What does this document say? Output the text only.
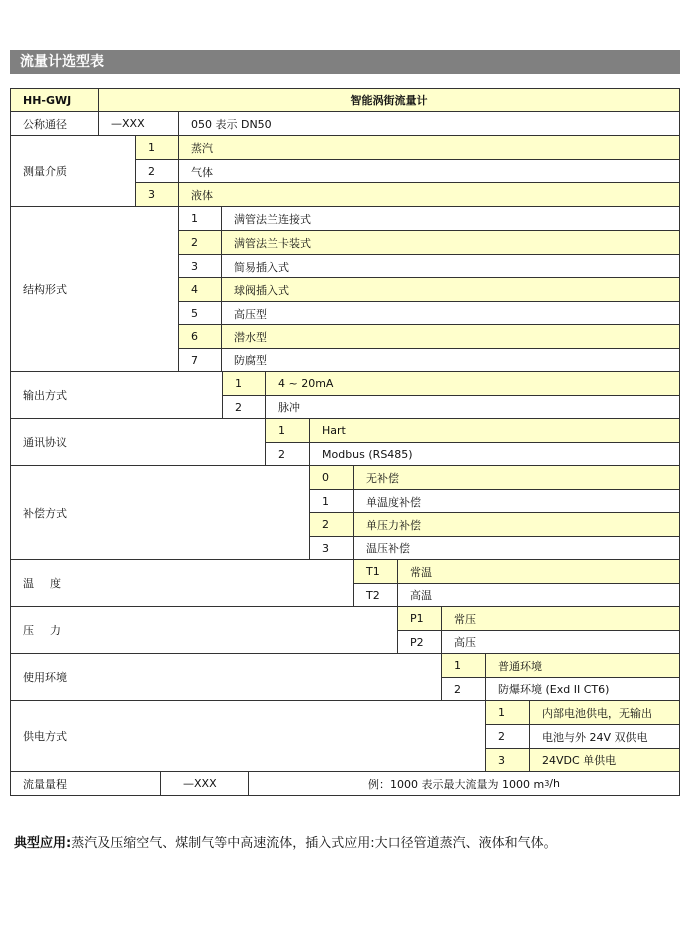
流量计选型表
HH-GWJ	智能涡街流量计
公称通径	—XXX	050 表示 DN50
测量介质
1	蒸汽
2	气体
3	液体
结构形式
1	满管法兰连接式
2	满管法兰卡装式
3	简易插入式
4	球阀插入式
5	高压型
6	潜水型
7	防腐型
输出方式
1	4 ~ 20mA
2	脉冲
通讯协议
1	Hart
2	Modbus (RS485)
补偿方式
0	无补偿
1	单温度补偿
2	单压力补偿
3	温压补偿
温度
T1	常温
T2	高温
压力
P1	常压
P2	高压
使用环境
1	普通环境
2	防爆环境 (Exd II CT6)
供电方式
1	内部电池供电，无输出
2	电池与外 24V 双供电
3	24VDC 单供电
流量量程	—XXX	例：1000 表示最大流量为 1000 m 3 /h
典型应用:蒸汽及压缩空气、煤制气等中高速流体，插入式应用:大口径管道蒸汽、液体和气体。
